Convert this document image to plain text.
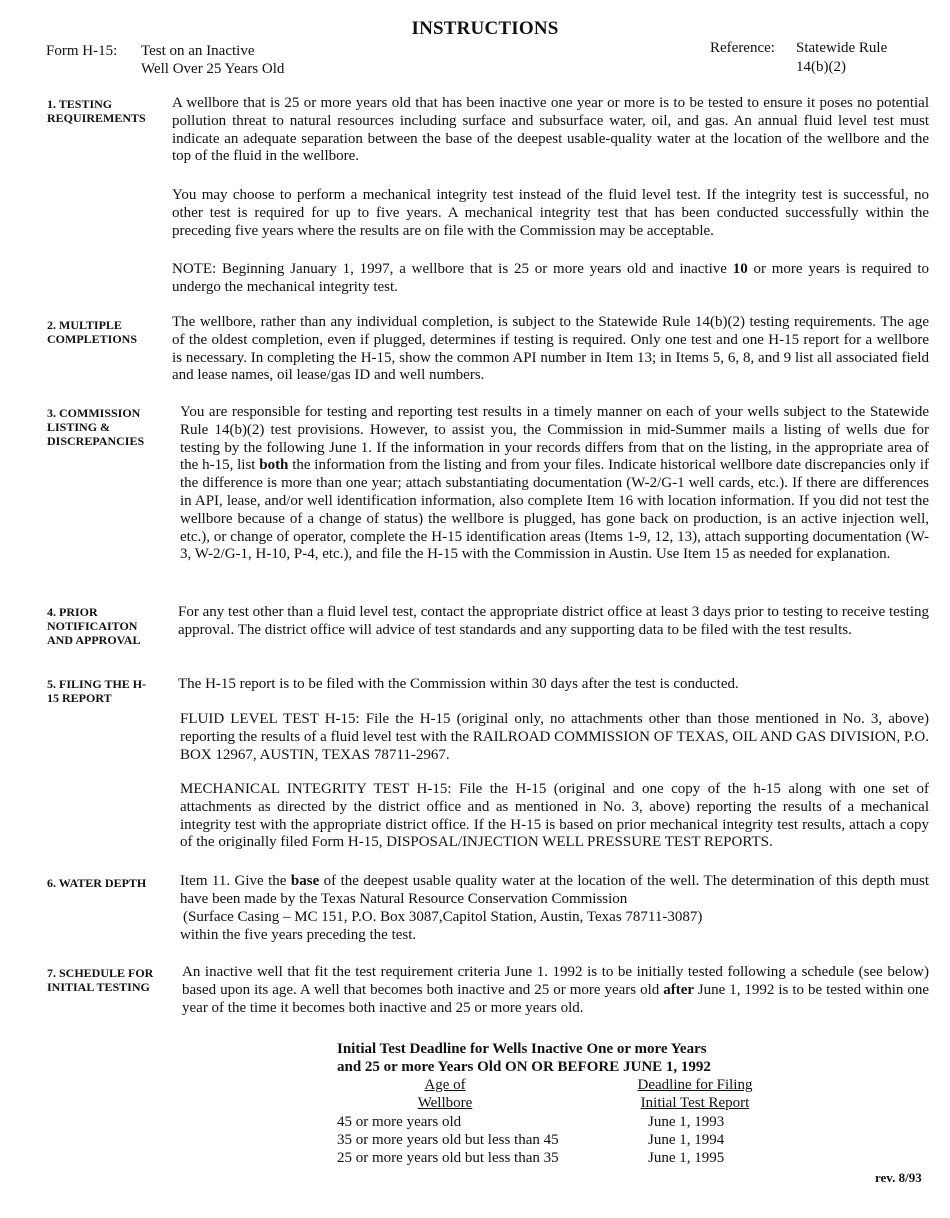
INSTRUCTIONS
Form H-15: Test on an Inactive
Well Over 25 Years Old
Reference: Statewide Rule
14(b)(2)
1. TESTING REQUIREMENTS
A wellbore that is 25 or more years old that has been inactive one year or more is to be tested to ensure it poses no potential pollution threat to natural resources including surface and subsurface water, oil, and gas. An annual fluid level test must indicate an adequate separation between the base of the deepest usable-quality water at the location of the wellbore and the top of the fluid in the wellbore.
You may choose to perform a mechanical integrity test instead of the fluid level test. If the integrity test is successful, no other test is required for up to five years. A mechanical integrity test that has been conducted successfully within the preceding five years where the results are on file with the Commission may be acceptable.
NOTE: Beginning January 1, 1997, a wellbore that is 25 or more years old and inactive 10 or more years is required to undergo the mechanical integrity test.
2. MULTIPLE COMPLETIONS
The wellbore, rather than any individual completion, is subject to the Statewide Rule 14(b)(2) testing requirements. The age of the oldest completion, even if plugged, determines if testing is required. Only one test and one H-15 report for a wellbore is necessary. In completing the H-15, show the common API number in Item 13; in Items 5, 6, 8, and 9 list all associated field and lease names, oil lease/gas ID and well numbers.
3. COMMISSION LISTING & DISCREPANCIES
You are responsible for testing and reporting test results in a timely manner on each of your wells subject to the Statewide Rule 14(b)(2) test provisions. However, to assist you, the Commission in mid-Summer mails a listing of wells due for testing by the following June 1. If the information in your records differs from that on the listing, in the appropriate area of the h-15, list both the information from the listing and from your files. Indicate historical wellbore date discrepancies only if the difference is more than one year; attach substantiating documentation (W-2/G-1 well cards, etc.). If there are differences in API, lease, and/or well identification information, also complete Item 16 with location information. If you did not test the wellbore because of a change of status) the wellbore is plugged, has gone back on production, is an active injection well, etc.), or change of operator, complete the H-15 identification areas (Items 1-9, 12, 13), attach supporting documentation (W-3, W-2/G-1, H-10, P-4, etc.), and file the H-15 with the Commission in Austin. Use Item 15 as needed for explanation.
4. PRIOR NOTIFICAITON AND APPROVAL
For any test other than a fluid level test, contact the appropriate district office at least 3 days prior to testing to receive testing approval. The district office will advice of test standards and any supporting data to be filed with the test results.
5. FILING THE H-15 REPORT
The H-15 report is to be filed with the Commission within 30 days after the test is conducted.
FLUID LEVEL TEST H-15: File the H-15 (original only, no attachments other than those mentioned in No. 3, above) reporting the results of a fluid level test with the RAILROAD COMMISSION OF TEXAS, OIL AND GAS DIVISION, P.O. BOX 12967, AUSTIN, TEXAS 78711-2967.
MECHANICAL INTEGRITY TEST H-15: File the H-15 (original and one copy of the h-15 along with one set of attachments as directed by the district office and as mentioned in No. 3, above) reporting the results of a mechanical integrity test with the appropriate district office. If the H-15 is based on prior mechanical integrity test results, attach a copy of the originally filed Form H-15, DISPOSAL/INJECTION WELL PRESSURE TEST REPORTS.
6. WATER DEPTH	Item 11. Give the base of the deepest usable quality water at the location of the well. The determination of this depth must have been made by the Texas Natural Resource Conservation Commission
(Surface Casing – MC 151, P.O. Box 3087,Capitol Station, Austin, Texas 78711-3087)
within the five years preceding the test.
7. SCHEDULE FOR INITIAL TESTING
An inactive well that fit the test requirement criteria June 1. 1992 is to be initially tested following a schedule (see below) based upon its age. A well that becomes both inactive and 25 or more years old after June 1, 1992 is to be tested within one year of the time it becomes both inactive and 25 or more years old.
Initial Test Deadline for Wells Inactive One or more Years
and 25 or more Years Old ON OR BEFORE JUNE 1, 1992
Age of
Wellbore
Deadline for Filing
Initial Test Report
45 or more years old	June 1, 1993
35 or more years old but less than 45	June 1, 1994
25 or more years old but less than 35	June 1, 1995
rev. 8/93
